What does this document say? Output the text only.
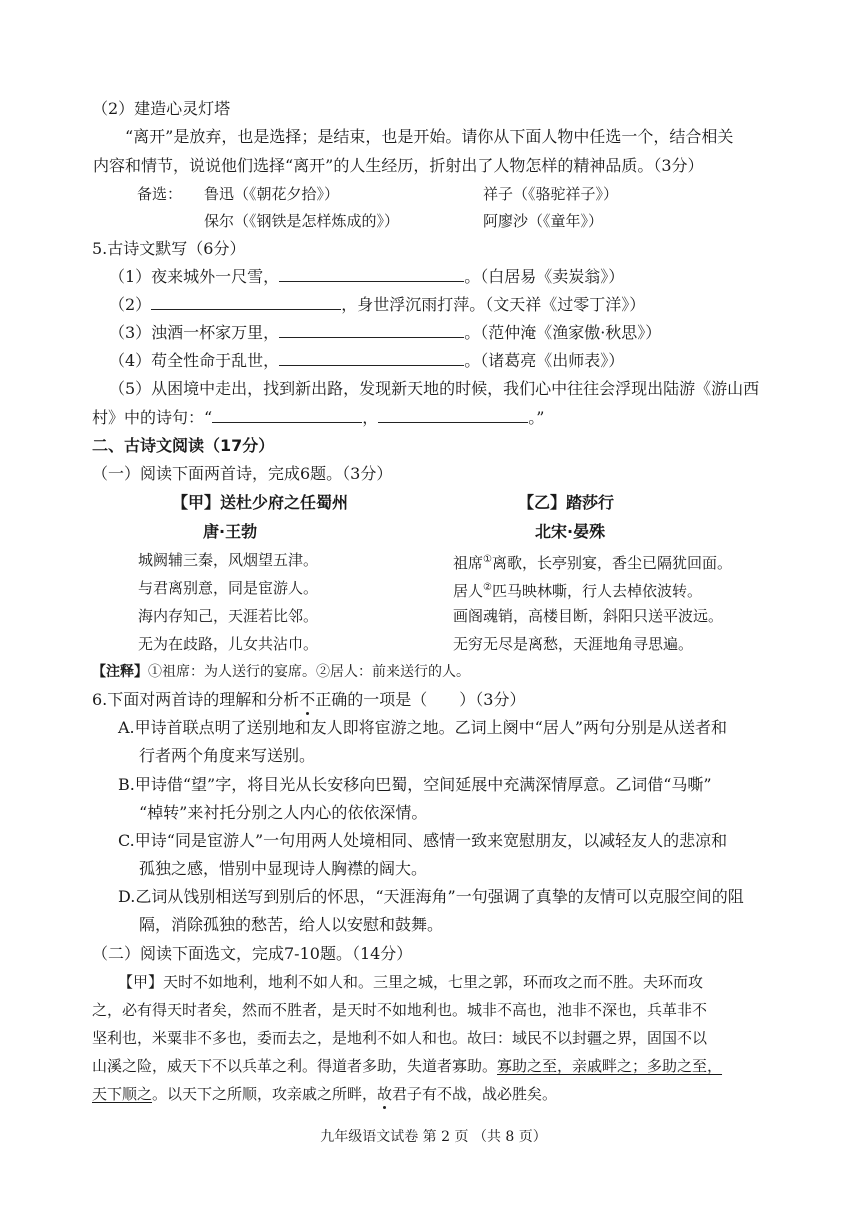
（2）建造心灵灯塔
“离开”是放弃，也是选择；是结束，也是开始。请你从下面人物中任选一个，结合相关
内容和情节，说说他们选择“离开”的人生经历，折射出了人物怎样的精神品质。（3分）
备选： 鲁迅（《朝花夕拾》）	祥子（《骆驼祥子》）
保尔（《钢铁是怎样炼成的》）	阿廖沙（《童年》）
5.古诗文默写（6分）
（1）夜来城外一尺雪，	。（白居易《卖炭翁》）
（2）	，身世浮沉雨打萍。（文天祥《过零丁洋》）
（3）浊酒一杯家万里，	。（范仲淹《渔家傲·秋思》）
（4）苟全性命于乱世，	。（诸葛亮《出师表》）
（5）从困境中走出，找到新出路，发现新天地的时候，我们心中往往会浮现出陆游《游山西
村》中的诗句：“	，	。”
二、古诗文阅读（17分）
（一）阅读下面两首诗，完成6题。（3分）
【甲】送杜少府之任蜀州
唐·王勃
城阙辅三秦，风烟望五津。
与君离别意，同是宦游人。
海内存知己，天涯若比邻。
无为在歧路，儿女共沾巾。
【乙】踏莎行
北宋·晏殊
祖席①离歌，长亭别宴，香尘已隔犹回面。
居人②匹马映林嘶，行人去棹依波转。
画阁魂销，高楼目断，斜阳只送平波远。
无穷无尽是离愁，天涯地角寻思遍。
【注释】①祖席：为人送行的宴席。②居人：前来送行的人。
6.下面对两首诗的理解和分析不正确的一项是（　　）（3分）
A.甲诗首联点明了送别地和友人即将宦游之地。乙词上阕中“居人”两句分别是从送者和
行者两个角度来写送别。
B.甲诗借“望”字，将目光从长安移向巴蜀，空间延展中充满深情厚意。乙词借“马嘶”
“棹转”来衬托分别之人内心的依依深情。
C.甲诗“同是宦游人”一句用两人处境相同、感情一致来宽慰朋友，以减轻友人的悲凉和
孤独之感，惜别中显现诗人胸襟的阔大。
D.乙词从饯别相送写到别后的怀思，“天涯海角”一句强调了真挚的友情可以克服空间的阻
隔，消除孤独的愁苦，给人以安慰和鼓舞。
（二）阅读下面选文，完成7-10题。（14分）
【甲】天时不如地利，地利不如人和。三里之城，七里之郭，环而攻之而不胜。夫环而攻
之，必有得天时者矣，然而不胜者，是天时不如地利也。城非不高也，池非不深也，兵革非不
坚利也，米粟非不多也，委而去之，是地利不如人和也。故曰：域民不以封疆之界，固国不以
山溪之险，威天下不以兵革之利。得道者多助，失道者寡助。寡助之至，亲戚畔之；多助之至，
天下顺之。以天下之所顺，攻亲戚之所畔，故君子有不战，战必胜矣。
九年级语文试卷 第 2 页 （共 8 页）
